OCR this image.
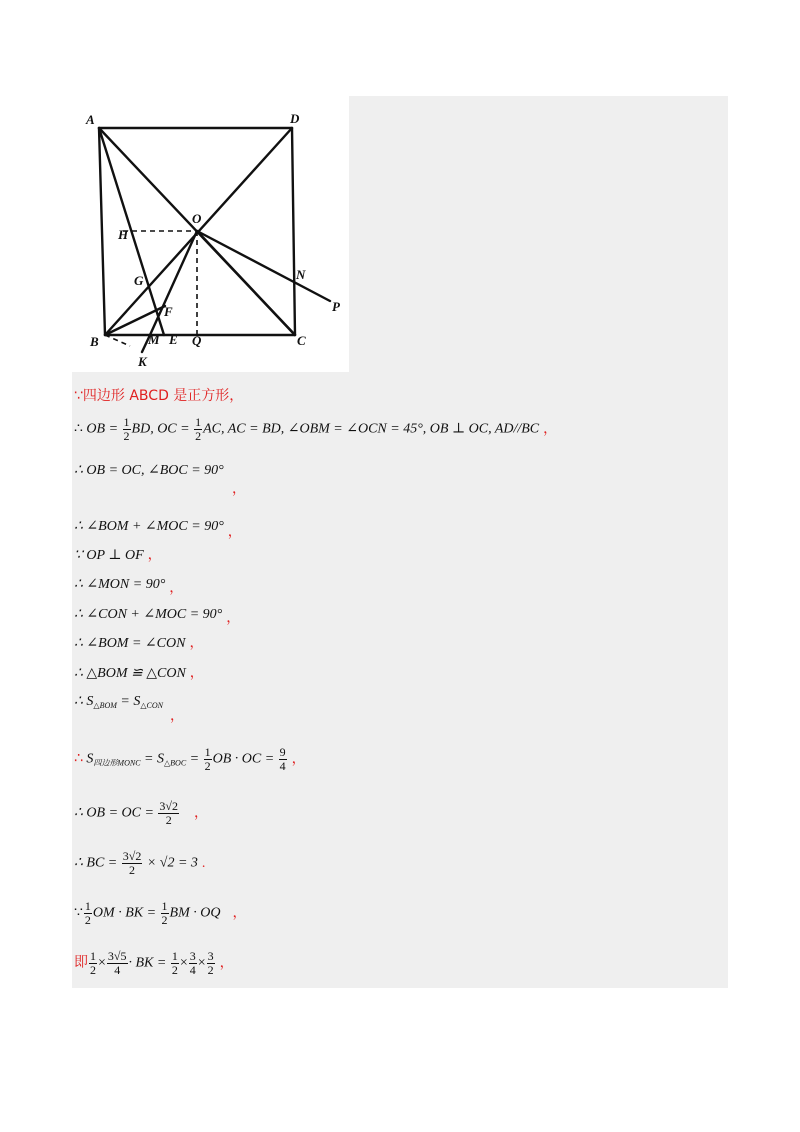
A	D
O
H
G
F
N
P
B	M E Q	C
K
∵四边形 ABCD 是正方形，
∴ OB = $\frac{1}{2}$ BD, OC = $\frac{1}{2}$ AC, AC = BD, ∠OBM = ∠OCN = 45°, OB ⊥ OC, AD//BC ，
∴ OB = OC, ∠BOC = 90°
，
∴ ∠BOM + ∠MOC = 90° ，
∵ OP ⊥ OF ，
∴ ∠MON = 90° ，
∴ ∠CON + ∠MOC = 90° ，
∴ ∠BOM = ∠CON ，
∴ △BOM ≌ △CON ，
∴ $S_{\triangle BOM} = S_{\triangle CON}$
，
∴ $S_{四边形MONC} = S_{\triangle BOC} = \frac{1}{2}$ OB · OC = $\frac{9}{4}$ ，
∴ OB = OC = $\frac{3√2}{2}$ ，
∴ BC = $\frac{3√2}{2} \times √2 = 3$ .
∵ $\frac{1}{2}$ OM · BK = $\frac{1}{2}$ BM · OQ ，
即 $\frac{1}{2} \times \frac{3√5}{4}$ · BK = $\frac{1}{2} \times \frac{3}{4} \times \frac{3}{2}$ ，
